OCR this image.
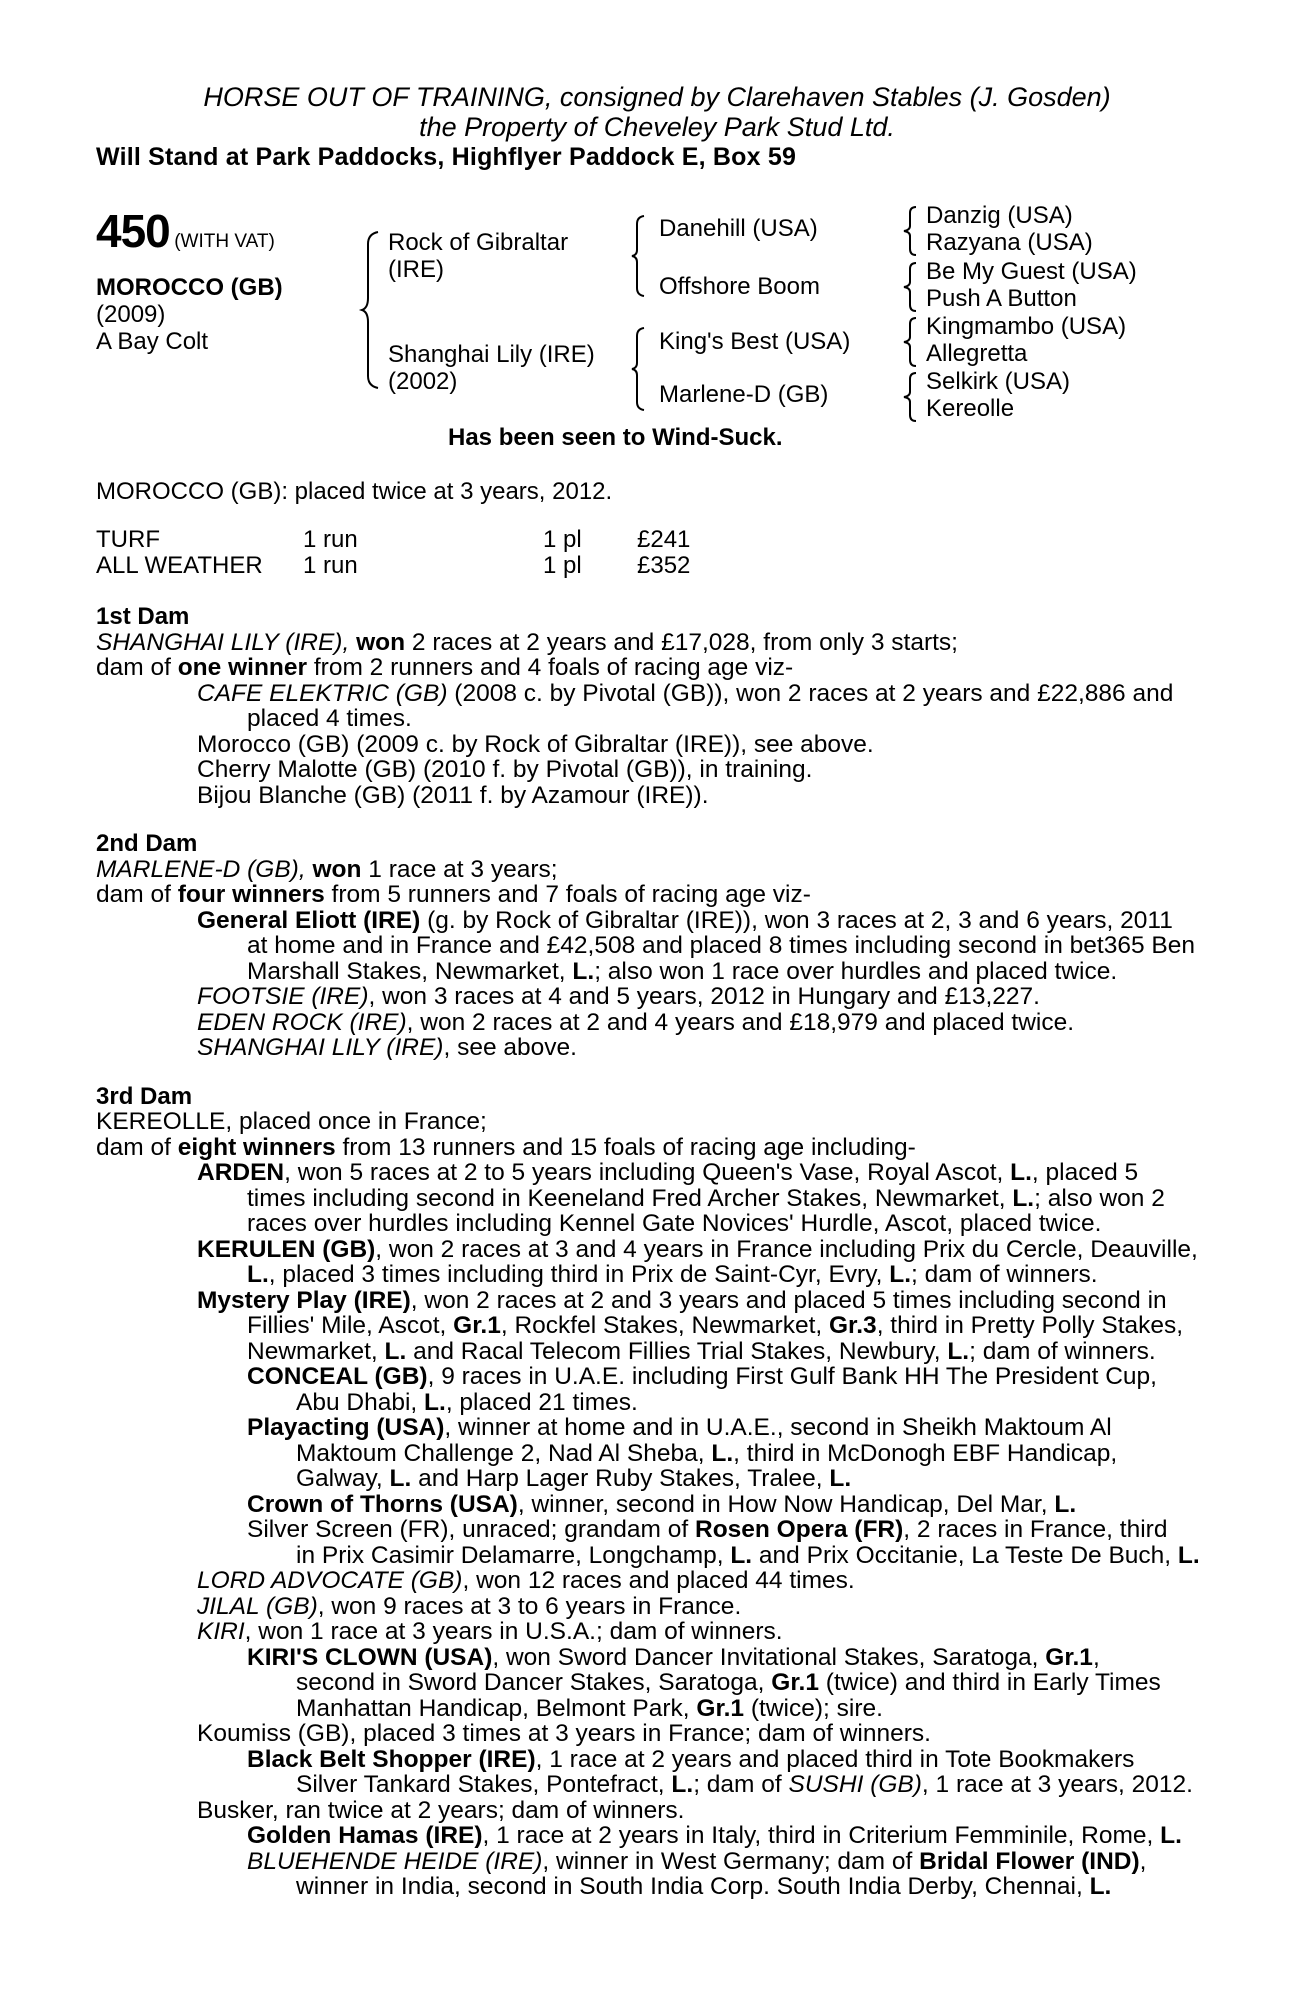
HORSE OUT OF TRAINING, consigned by Clarehaven Stables (J. Gosden)
the Property of Cheveley Park Stud Ltd.
Will Stand at Park Paddocks, Highflyer Paddock E, Box 59
450 (WITH VAT)
MOROCCO (GB)
(2009)
A Bay Colt
Rock of Gibraltar
(IRE)
Shanghai Lily (IRE)
(2002)
Danehill (USA)
Offshore Boom
King's Best (USA)
Marlene-D (GB)
Danzig (USA)
Razyana (USA)
Be My Guest (USA)
Push A Button
Kingmambo (USA)
Allegretta
Selkirk (USA)
Kereolle
Has been seen to Wind-Suck.
MOROCCO (GB): placed twice at 3 years, 2012.
TURF	1 run	1 pl £241
ALL WEATHER 1 run	1 pl £352
1st Dam
SHANGHAI LILY (IRE), won 2 races at 2 years and £17,028, from only 3 starts;
dam of one winner from 2 runners and 4 foals of racing age viz-
CAFE ELEKTRIC (GB) (2008 c. by Pivotal (GB)), won 2 races at 2 years and £22,886 and
placed 4 times.
Morocco (GB) (2009 c. by Rock of Gibraltar (IRE)), see above.
Cherry Malotte (GB) (2010 f. by Pivotal (GB)), in training.
Bijou Blanche (GB) (2011 f. by Azamour (IRE)).
2nd Dam
MARLENE-D (GB), won 1 race at 3 years;
dam of four winners from 5 runners and 7 foals of racing age viz-
General Eliott (IRE) (g. by Rock of Gibraltar (IRE)), won 3 races at 2, 3 and 6 years, 2011
at home and in France and £42,508 and placed 8 times including second in bet365 Ben
Marshall Stakes, Newmarket, L.; also won 1 race over hurdles and placed twice.
FOOTSIE (IRE), won 3 races at 4 and 5 years, 2012 in Hungary and £13,227.
EDEN ROCK (IRE), won 2 races at 2 and 4 years and £18,979 and placed twice.
SHANGHAI LILY (IRE), see above.
3rd Dam
KEREOLLE, placed once in France;
dam of eight winners from 13 runners and 15 foals of racing age including-
ARDEN, won 5 races at 2 to 5 years including Queen's Vase, Royal Ascot, L., placed 5
times including second in Keeneland Fred Archer Stakes, Newmarket, L.; also won 2
races over hurdles including Kennel Gate Novices' Hurdle, Ascot, placed twice.
KERULEN (GB), won 2 races at 3 and 4 years in France including Prix du Cercle, Deauville,
L., placed 3 times including third in Prix de Saint-Cyr, Evry, L.; dam of winners.
Mystery Play (IRE), won 2 races at 2 and 3 years and placed 5 times including second in
Fillies' Mile, Ascot, Gr.1, Rockfel Stakes, Newmarket, Gr.3, third in Pretty Polly Stakes,
Newmarket, L. and Racal Telecom Fillies Trial Stakes, Newbury, L.; dam of winners.
CONCEAL (GB), 9 races in U.A.E. including First Gulf Bank HH The President Cup,
Abu Dhabi, L., placed 21 times.
Playacting (USA), winner at home and in U.A.E., second in Sheikh Maktoum Al
Maktoum Challenge 2, Nad Al Sheba, L., third in McDonogh EBF Handicap,
Galway, L. and Harp Lager Ruby Stakes, Tralee, L.
Crown of Thorns (USA), winner, second in How Now Handicap, Del Mar, L.
Silver Screen (FR), unraced; grandam of Rosen Opera (FR), 2 races in France, third
in Prix Casimir Delamarre, Longchamp, L. and Prix Occitanie, La Teste De Buch, L.
LORD ADVOCATE (GB), won 12 races and placed 44 times.
JILAL (GB), won 9 races at 3 to 6 years in France.
KIRI, won 1 race at 3 years in U.S.A.; dam of winners.
KIRI'S CLOWN (USA), won Sword Dancer Invitational Stakes, Saratoga, Gr.1,
second in Sword Dancer Stakes, Saratoga, Gr.1 (twice) and third in Early Times
Manhattan Handicap, Belmont Park, Gr.1 (twice); sire.
Koumiss (GB), placed 3 times at 3 years in France; dam of winners.
Black Belt Shopper (IRE), 1 race at 2 years and placed third in Tote Bookmakers
Silver Tankard Stakes, Pontefract, L.; dam of SUSHI (GB), 1 race at 3 years, 2012.
Busker, ran twice at 2 years; dam of winners.
Golden Hamas (IRE), 1 race at 2 years in Italy, third in Criterium Femminile, Rome, L.
BLUEHENDE HEIDE (IRE), winner in West Germany; dam of Bridal Flower (IND),
winner in India, second in South India Corp. South India Derby, Chennai, L.
